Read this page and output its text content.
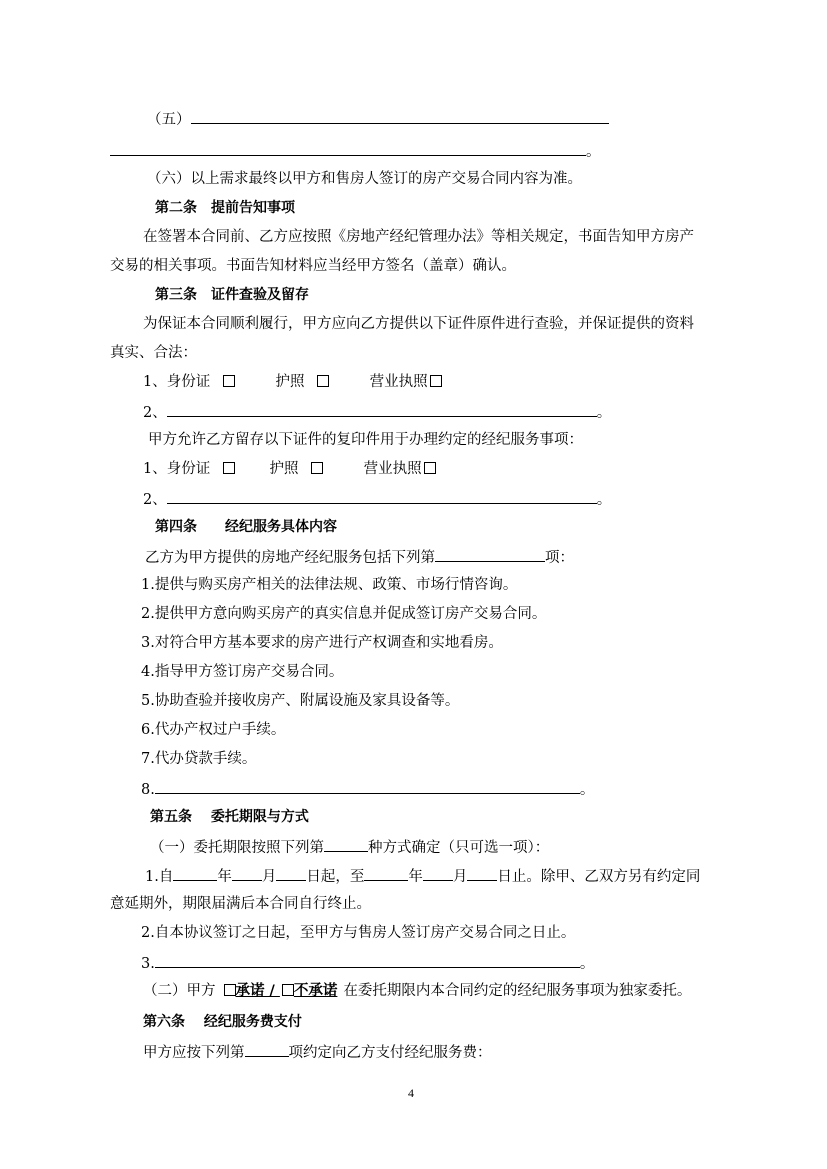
（五）
。
（六）以上需求最终以甲方和售房人签订的房产交易合同内容为准。
第二条　提前告知事项
在签署本合同前、乙方应按照《房地产经纪管理办法》等相关规定，书面告知甲方房产
交易的相关事项。书面告知材料应当经甲方签名（盖章）确认。
第三条　证件查验及留存
为保证本合同顺利履行，甲方应向乙方提供以下证件原件进行查验，并保证提供的资料
真实、合法：
1、身份证	护照	营业执照
2、	。
甲方允许乙方留存以下证件的复印件用于办理约定的经纪服务事项：
1、身份证	护照	营业执照
2、	。
第四条　　经纪服务具体内容
乙方为甲方提供的房地产经纪服务包括下列第	项：
1.提供与购买房产相关的法律法规、政策、市场行情咨询。
2.提供甲方意向购买房产的真实信息并促成签订房产交易合同。
3.对符合甲方基本要求的房产进行产权调查和实地看房。
4.指导甲方签订房产交易合同。
5.协助查验并接收房产、附属设施及家具设备等。
6.代办产权过户手续。
7.代办贷款手续。
8.	。
第五条　 委托期限与方式
（一）委托期限按照下列第	种方式确定（只可选一项）：
1.自	年 月 日起，至	年 月 日止。除甲、乙双方另有约定同
意延期外，期限届满后本合同自行终止。
2.自本协议签订之日起，至甲方与售房人签订房产交易合同之日止。
3.	。
（二）甲方 承诺 / 不承诺 在委托期限内本合同约定的经纪服务事项为独家委托。
第六条　 经纪服务费支付
甲方应按下列第	项约定向乙方支付经纪服务费：
4
